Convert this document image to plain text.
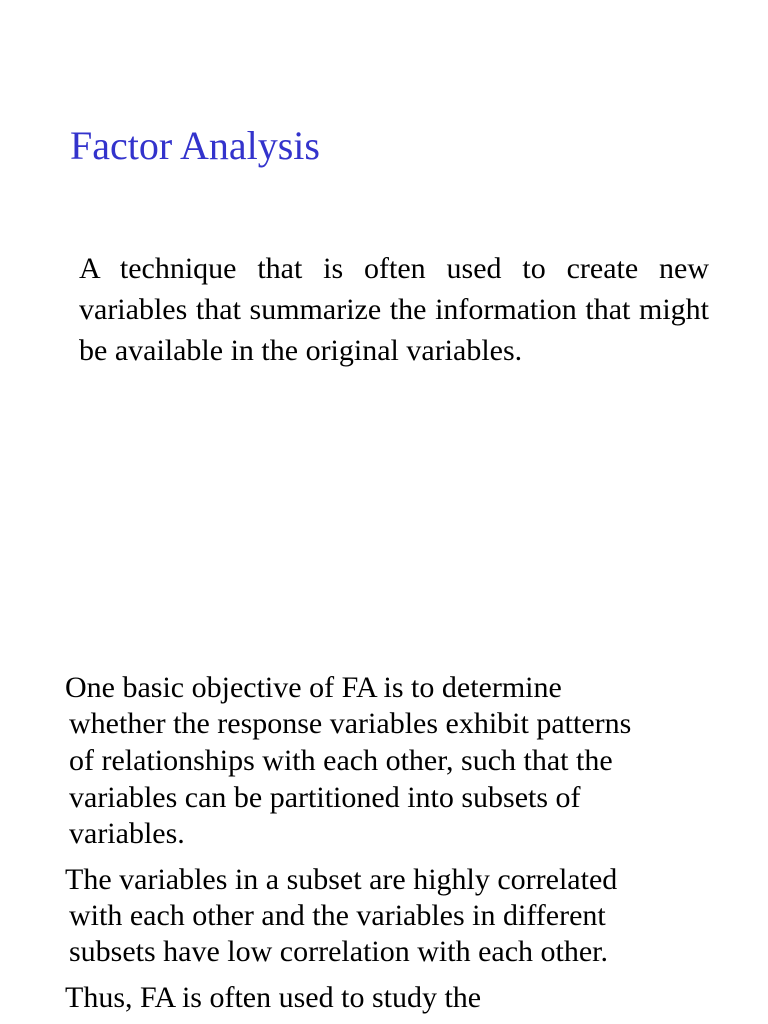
Factor Analysis

A technique that is often used to create new variables that summarize the information that might be available in the original variables.

One basic objective of FA is to determine

whether the response variables exhibit patterns

of relationships with each other, such that the

variables can be partitioned into subsets of

variables.

The variables in a subset are highly correlated

with each other and the variables in different

subsets have low correlation with each other.

Thus, FA is often used to study the
